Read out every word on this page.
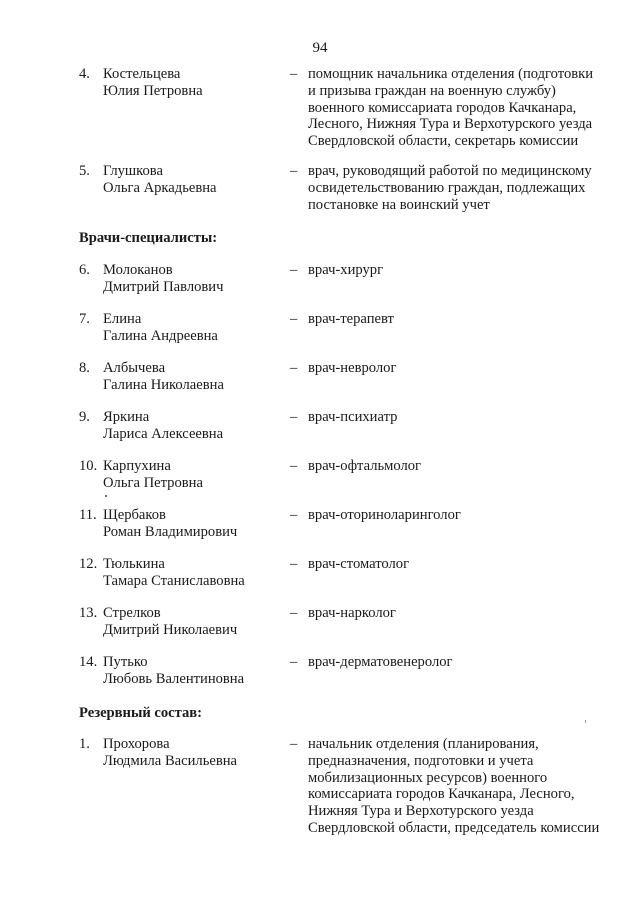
94
4. Костельцева
Юлия Петровна
– помощник начальника отделения (подготовки
и призыва граждан на военную службу)
военного комиссариата городов Качканара,
Лесного, Нижняя Тура и Верхотурского уезда
Свердловской области, секретарь комиссии
5. Глушкова
Ольга Аркадьевна
– врач, руководящий работой по медицинскому
освидетельствованию граждан, подлежащих
постановке на воинский учет
Врачи-специалисты:
6. Молоканов
Дмитрий Павлович
– врач-хирург
7. Елина
Галина Андреевна
– врач-терапевт
8. Албычева
Галина Николаевна
– врач-невролог
9. Яркина
Лариса Алексеевна
– врач-психиатр
10. Карпухина
Ольга Петровна
– врач-офтальмолог
11. Щербаков
Роман Владимирович
– врач-оториноларинголог
12. Тюлькина
Тамара Станиславовна
– врач-стоматолог
13. Стрелков
Дмитрий Николаевич
– врач-нарколог
14. Путько
Любовь Валентиновна
– врач-дерматовенеролог
Резервный состав:
1. Прохорова
Людмила Васильевна
– начальник отделения (планирования,
предназначения, подготовки и учета
мобилизационных ресурсов) военного
комиссариата городов Качканара, Лесного,
Нижняя Тура и Верхотурского уезда
Свердловской области, председатель комиссии
